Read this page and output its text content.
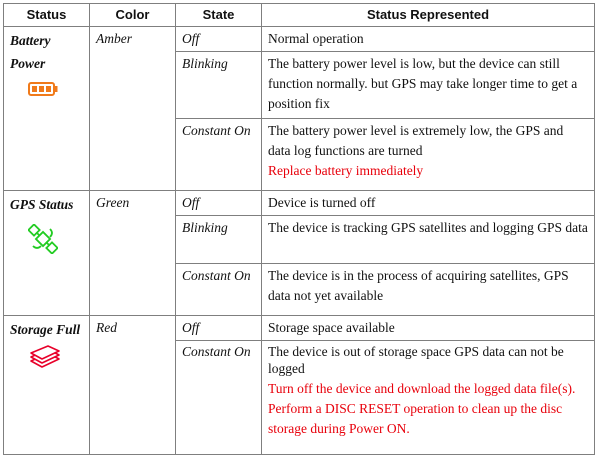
Status	Color	State	Status Represented

Battery Power	Amber	Off	Normal operation

		Blinking	The battery power level is low, but the device can still function normally. but GPS may take longer time to get a position fix

		Constant On	The battery power level is extremely low, the GPS and data log functions are turned
Replace battery immediately

GPS Status	Green	Off	Device is turned off

		Blinking	The device is tracking GPS satellites and logging GPS data

		Constant On	The device is in the process of acquiring satellites, GPS data not yet available

Storage Full	Red	Off	Storage space available

		Constant On	The device is out of storage space GPS data can not be logged
Turn off the device and download the logged data file(s). Perform a DISC RESET operation to clean up the disc storage during Power ON.
